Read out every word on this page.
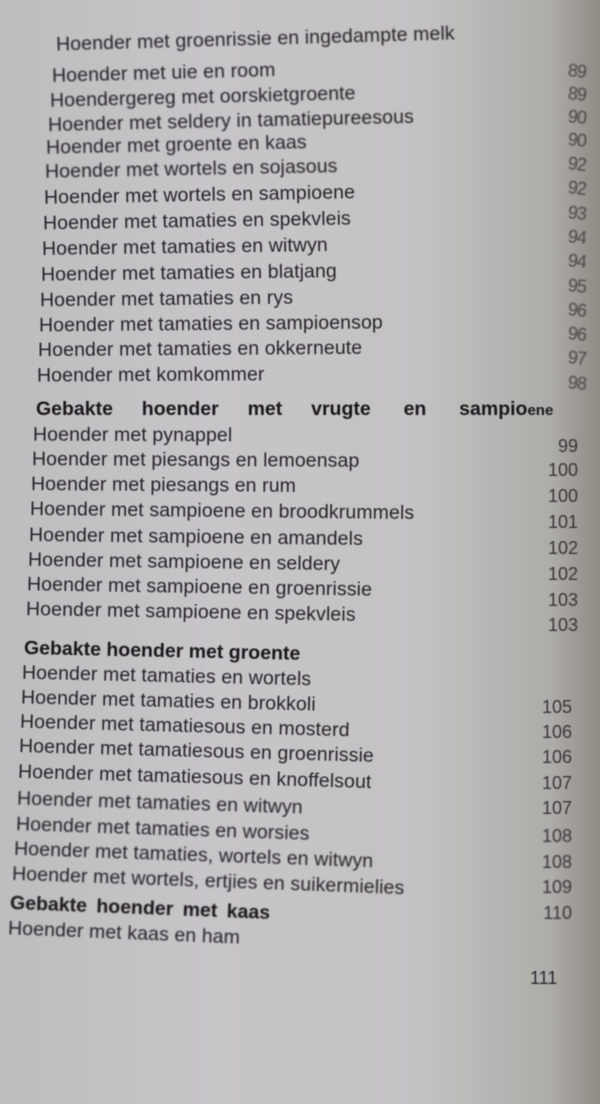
Hoender met groenrissie en ingedampte melk
Hoender met uie en room
Hoendergereg met oorskietgroente
Hoender met seldery in tamatiepureesous
Hoender met groente en kaas
Hoender met wortels en sojasous
Hoender met wortels en sampioene
Hoender met tamaties en spekvleis
Hoender met tamaties en witwyn
Hoender met tamaties en blatjang
Hoender met tamaties en rys
Hoender met tamaties en sampioensop
Hoender met tamaties en okkerneute
Hoender met komkommer
89
89
90
90
92
92
93
94
94
95
96
96
97
98
Gebakte hoender met vrugte en sampioene
Hoender met pynappel
Hoender met piesangs en lemoensap
Hoender met piesangs en rum
Hoender met sampioene en broodkrummels
Hoender met sampioene en amandels
Hoender met sampioene en seldery
Hoender met sampioene en groenrissie
Hoender met sampioene en spekvleis
99
100
100
101
102
102
103
103
Gebakte hoender met groente
Hoender met tamaties en wortels
Hoender met tamaties en brokkoli
Hoender met tamatiesous en mosterd
Hoender met tamatiesous en groenrissie
Hoender met tamatiesous en knoffelsout
Hoender met tamaties en witwyn
Hoender met tamaties en worsies
Hoender met tamaties, wortels en witwyn
Hoender met wortels, ertjies en suikermielies
105
106
106
107
107
108
108
109
110
Gebakte hoender met kaas
Hoender met kaas en ham
111
